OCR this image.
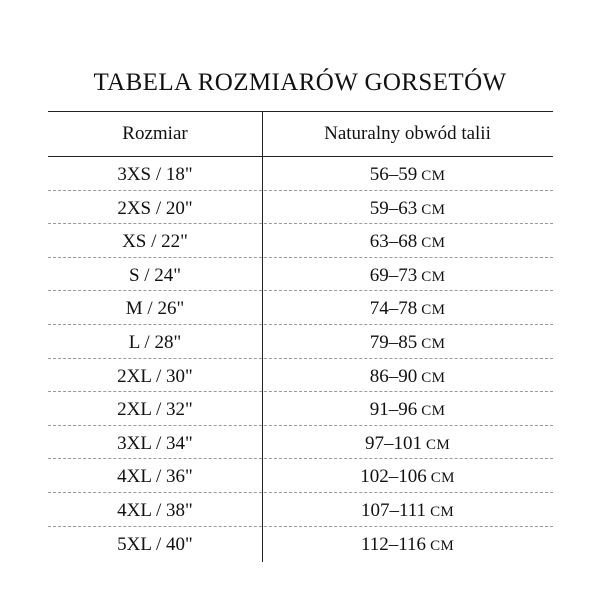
TABELA ROZMIARÓW GORSETÓW
Rozmiar	Naturalny obwód talii
3XS / 18"	56–59 CM
2XS / 20"	59–63 CM
XS / 22"	63–68 CM
S / 24"	69–73 CM
M / 26"	74–78 CM
L / 28"	79–85 CM
2XL / 30"	86–90 CM
2XL / 32"	91–96 CM
3XL / 34"	97–101 CM
4XL / 36"	102–106 CM
4XL / 38"	107–111 CM
5XL / 40"	112–116 CM
